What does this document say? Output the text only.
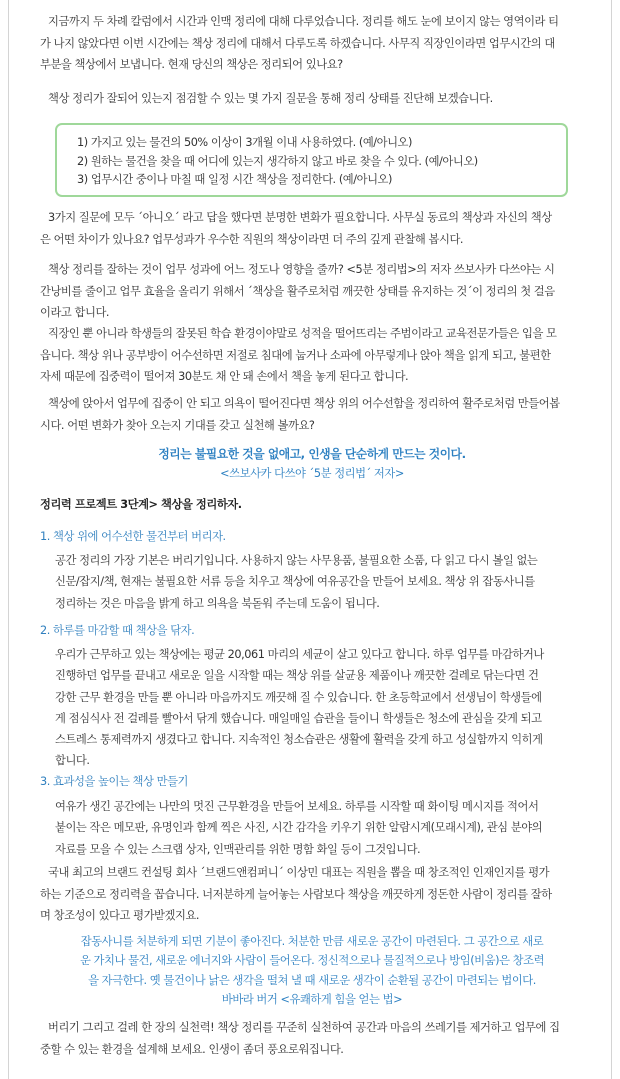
지금까지 두 차례 칼럼에서 시간과 인맥 정리에 대해 다루었습니다. 정리를 해도 눈에 보이지 않는 영역이라 티

가 나지 않았다면 이번 시간에는 책상 정리에 대해서 다루도록 하겠습니다. 사무직 직장인이라면 업무시간의 대

부분을 책상에서 보냅니다. 현재 당신의 책상은 정리되어 있나요?

책상 정리가 잘되어 있는지 점검할 수 있는 몇 가지 질문을 통해 정리 상태를 진단해 보겠습니다.

1) 가지고 있는 물건의 50% 이상이 3개월 이내 사용하였다. (예/아니오)
2) 원하는 물건을 찾을 때 어디에 있는지 생각하지 않고 바로 찾을 수 있다. (예/아니오)
3) 업무시간 중이나 마칠 때 일정 시간 책상을 정리한다. (예/아니오)

3가지 질문에 모두 ´아니오´ 라고 답을 했다면 분명한 변화가 필요합니다. 사무실 동료의 책상과 자신의 책상

은 어떤 차이가 있나요? 업무성과가 우수한 직원의 책상이라면 더 주의 깊게 관찰해 봅시다.

책상 정리를 잘하는 것이 업무 성과에 어느 정도나 영향을 줄까? <5분 정리법>의 저자 쓰보사카 다쓰야는 시

간낭비를 줄이고 업무 효율을 올리기 위해서 ´책상을 활주로처럼 깨끗한 상태를 유지하는 것´이 정리의 첫 걸음

이라고 합니다.

직장인 뿐 아니라 학생들의 잘못된 학습 환경이야말로 성적을 떨어뜨리는 주범이라고 교육전문가들은 입을 모

읍니다. 책상 위나 공부방이 어수선하면 저절로 침대에 눕거나 소파에 아무렇게나 앉아 책을 읽게 되고, 불편한

자세 때문에 집중력이 떨어져 30분도 채 안 돼 손에서 책을 놓게 된다고 합니다.

책상에 앉아서 업무에 집중이 안 되고 의욕이 떨어진다면 책상 위의 어수선함을 정리하여 활주로처럼 만들어봅

시다. 어떤 변화가 찾아 오는지 기대를 갖고 실천해 볼까요?

정리는 불필요한 것을 없애고, 인생을 단순하게 만드는 것이다.
<쓰보사카 다쓰야 ´5분 정리법´ 저자>
정리력 프로젝트 3단계> 책상을 정리하자.
1. 책상 위에 어수선한 물건부터 버리자.
공간 정리의 가장 기본은 버리기입니다. 사용하지 않는 사무용품, 불필요한 소품, 다 읽고 다시 볼일 없는
신문/잡지/책, 현재는 불필요한 서류 등을 치우고 책상에 여유공간을 만들어 보세요. 책상 위 잡동사니를
정리하는 것은 마음을 밝게 하고 의욕을 북돋워 주는데 도움이 됩니다.
2. 하루를 마감할 때 책상을 닦자.
우리가 근무하고 있는 책상에는 평균 20,061 마리의 세균이 살고 있다고 합니다. 하루 업무를 마감하거나
진행하던 업무를 끝내고 새로운 일을 시작할 때는 책상 위를 살균용 제품이나 깨끗한 걸레로 닦는다면 건
강한 근무 환경을 만들 뿐 아니라 마음까지도 깨끗해 질 수 있습니다. 한 초등학교에서 선생님이 학생들에
게 점심식사 전 걸레를 빨아서 닦게 했습니다. 매일매일 습관을 들이니 학생들은 청소에 관심을 갖게 되고
스트레스 통제력까지 생겼다고 합니다. 지속적인 청소습관은 생활에 활력을 갖게 하고 성실함까지 익히게
합니다.
3. 효과성을 높이는 책상 만들기
여유가 생긴 공간에는 나만의 멋진 근무환경을 만들어 보세요. 하루를 시작할 때 화이팅 메시지를 적어서
붙이는 작은 메모판, 유명인과 함께 찍은 사진, 시간 감각을 키우기 위한 알람시계(모래시계), 관심 분야의
자료를 모을 수 있는 스크랩 상자, 인맥관리를 위한 명함 화일 등이 그것입니다.

국내 최고의 브랜드 컨설팅 회사 ´브랜드앤컴퍼니´ 이상민 대표는 직원을 뽑을 때 창조적인 인재인지를 평가

하는 기준으로 정리력을 꼽습니다. 너저분하게 늘어놓는 사람보다 책상을 깨끗하게 정돈한 사람이 정리를 잘하

며 창조성이 있다고 평가받겠지요.

잡동사니를 처분하게 되면 기분이 좋아진다. 처분한 만큼 새로운 공간이 마련된다. 그 공간으로 새로
운 가치나 물건, 새로운 에너지와 사람이 들어온다. 정신적으로나 물질적으로나 방임(비움)은 창조력
을 자극한다. 옛 물건이나 낡은 생각을 떨쳐 낼 때 새로운 생각이 순환될 공간이 마련되는 법이다.
바바라 버거 <유쾌하게 힘을 얻는 법>

버리기 그리고 걸레 한 장의 실천력! 책상 정리를 꾸준히 실천하여 공간과 마음의 쓰레기를 제거하고 업무에 집

중할 수 있는 환경을 설계해 보세요. 인생이 좀더 풍요로워집니다.
